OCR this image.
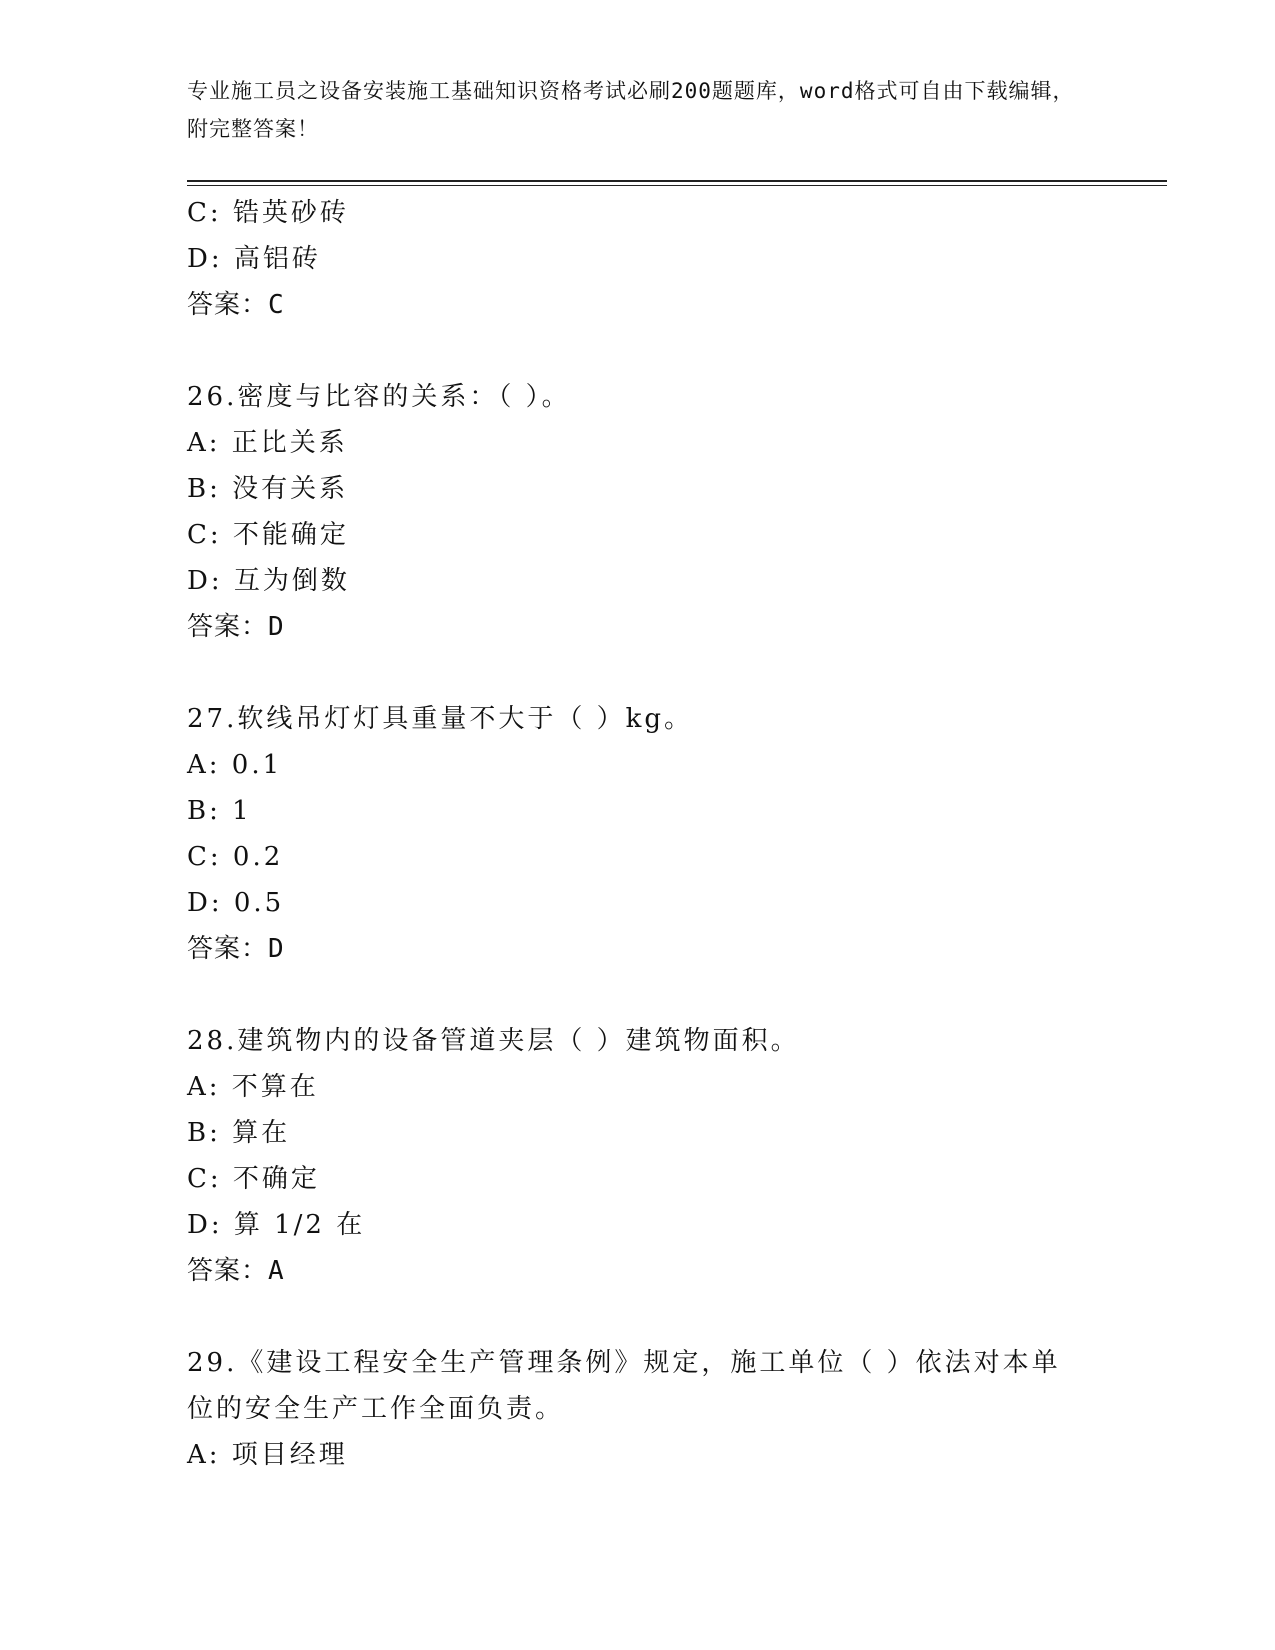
专业施工员之设备安装施工基础知识资格考试必刷200题题库，word格式可自由下载编辑，附完整答案！
C: 锆英砂砖
D: 高铝砖
答案：C
26.密度与比容的关系：（ ）。
A: 正比关系
B: 没有关系
C: 不能确定
D: 互为倒数
答案：D
27.软线吊灯灯具重量不大于（ ）kg。
A: 0.1
B: 1
C: 0.2
D: 0.5
答案：D
28.建筑物内的设备管道夹层（ ）建筑物面积。
A: 不算在
B: 算在
C: 不确定
D: 算 1/2 在
答案：A
29.《建设工程安全生产管理条例》规定，施工单位（ ）依法对本单
位的安全生产工作全面负责。
A: 项目经理
